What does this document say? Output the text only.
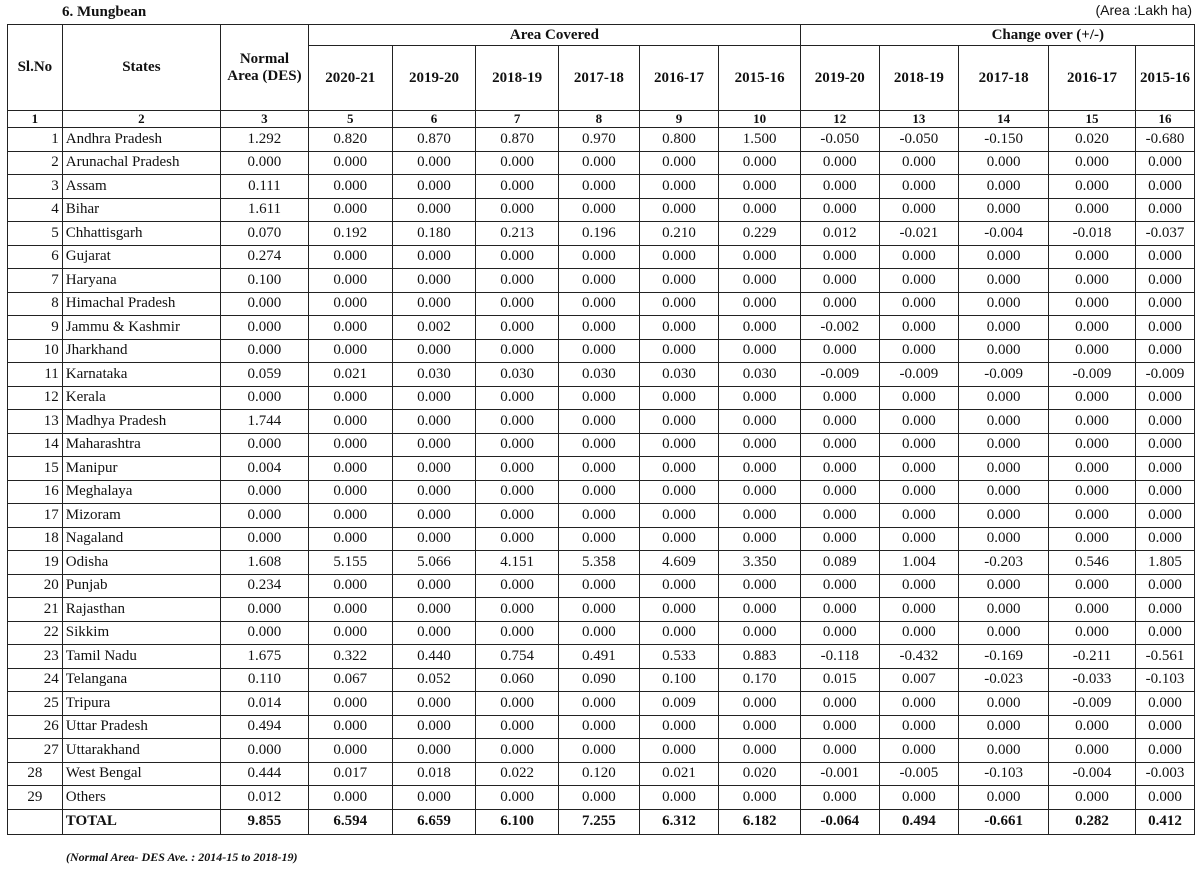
6. Mungbean	(Area :Lakh ha)
Sl.No	States	Normal Area (DES)	Area Covered						Change over (+/-)				
			2020-21	2019-20	2018-19	2017-18	2016-17	2015-16	2019-20	2018-19	2017-18	2016-17	2015-16
1	2	3	5	6	7	8	9	10	12	13	14	15	16
1	Andhra Pradesh	1.292	0.820	0.870	0.870	0.970	0.800	1.500	-0.050	-0.050	-0.150	0.020	-0.680
2	Arunachal Pradesh	0.000	0.000	0.000	0.000	0.000	0.000	0.000	0.000	0.000	0.000	0.000	0.000
3	Assam	0.111	0.000	0.000	0.000	0.000	0.000	0.000	0.000	0.000	0.000	0.000	0.000
4	Bihar	1.611	0.000	0.000	0.000	0.000	0.000	0.000	0.000	0.000	0.000	0.000	0.000
5	Chhattisgarh	0.070	0.192	0.180	0.213	0.196	0.210	0.229	0.012	-0.021	-0.004	-0.018	-0.037
6	Gujarat	0.274	0.000	0.000	0.000	0.000	0.000	0.000	0.000	0.000	0.000	0.000	0.000
7	Haryana	0.100	0.000	0.000	0.000	0.000	0.000	0.000	0.000	0.000	0.000	0.000	0.000
8	Himachal Pradesh	0.000	0.000	0.000	0.000	0.000	0.000	0.000	0.000	0.000	0.000	0.000	0.000
9	Jammu & Kashmir	0.000	0.000	0.002	0.000	0.000	0.000	0.000	-0.002	0.000	0.000	0.000	0.000
10	Jharkhand	0.000	0.000	0.000	0.000	0.000	0.000	0.000	0.000	0.000	0.000	0.000	0.000
11	Karnataka	0.059	0.021	0.030	0.030	0.030	0.030	0.030	-0.009	-0.009	-0.009	-0.009	-0.009
12	Kerala	0.000	0.000	0.000	0.000	0.000	0.000	0.000	0.000	0.000	0.000	0.000	0.000
13	Madhya Pradesh	1.744	0.000	0.000	0.000	0.000	0.000	0.000	0.000	0.000	0.000	0.000	0.000
14	Maharashtra	0.000	0.000	0.000	0.000	0.000	0.000	0.000	0.000	0.000	0.000	0.000	0.000
15	Manipur	0.004	0.000	0.000	0.000	0.000	0.000	0.000	0.000	0.000	0.000	0.000	0.000
16	Meghalaya	0.000	0.000	0.000	0.000	0.000	0.000	0.000	0.000	0.000	0.000	0.000	0.000
17	Mizoram	0.000	0.000	0.000	0.000	0.000	0.000	0.000	0.000	0.000	0.000	0.000	0.000
18	Nagaland	0.000	0.000	0.000	0.000	0.000	0.000	0.000	0.000	0.000	0.000	0.000	0.000
19	Odisha	1.608	5.155	5.066	4.151	5.358	4.609	3.350	0.089	1.004	-0.203	0.546	1.805
20	Punjab	0.234	0.000	0.000	0.000	0.000	0.000	0.000	0.000	0.000	0.000	0.000	0.000
21	Rajasthan	0.000	0.000	0.000	0.000	0.000	0.000	0.000	0.000	0.000	0.000	0.000	0.000
22	Sikkim	0.000	0.000	0.000	0.000	0.000	0.000	0.000	0.000	0.000	0.000	0.000	0.000
23	Tamil Nadu	1.675	0.322	0.440	0.754	0.491	0.533	0.883	-0.118	-0.432	-0.169	-0.211	-0.561
24	Telangana	0.110	0.067	0.052	0.060	0.090	0.100	0.170	0.015	0.007	-0.023	-0.033	-0.103
25	Tripura	0.014	0.000	0.000	0.000	0.000	0.009	0.000	0.000	0.000	0.000	-0.009	0.000
26	Uttar Pradesh	0.494	0.000	0.000	0.000	0.000	0.000	0.000	0.000	0.000	0.000	0.000	0.000
27	Uttarakhand	0.000	0.000	0.000	0.000	0.000	0.000	0.000	0.000	0.000	0.000	0.000	0.000
28	West Bengal	0.444	0.017	0.018	0.022	0.120	0.021	0.020	-0.001	-0.005	-0.103	-0.004	-0.003
29	Others	0.012	0.000	0.000	0.000	0.000	0.000	0.000	0.000	0.000	0.000	0.000	0.000
	TOTAL	9.855	6.594	6.659	6.100	7.255	6.312	6.182	-0.064	0.494	-0.661	0.282	0.412
(Normal Area- DES Ave. : 2014-15 to 2018-19)
